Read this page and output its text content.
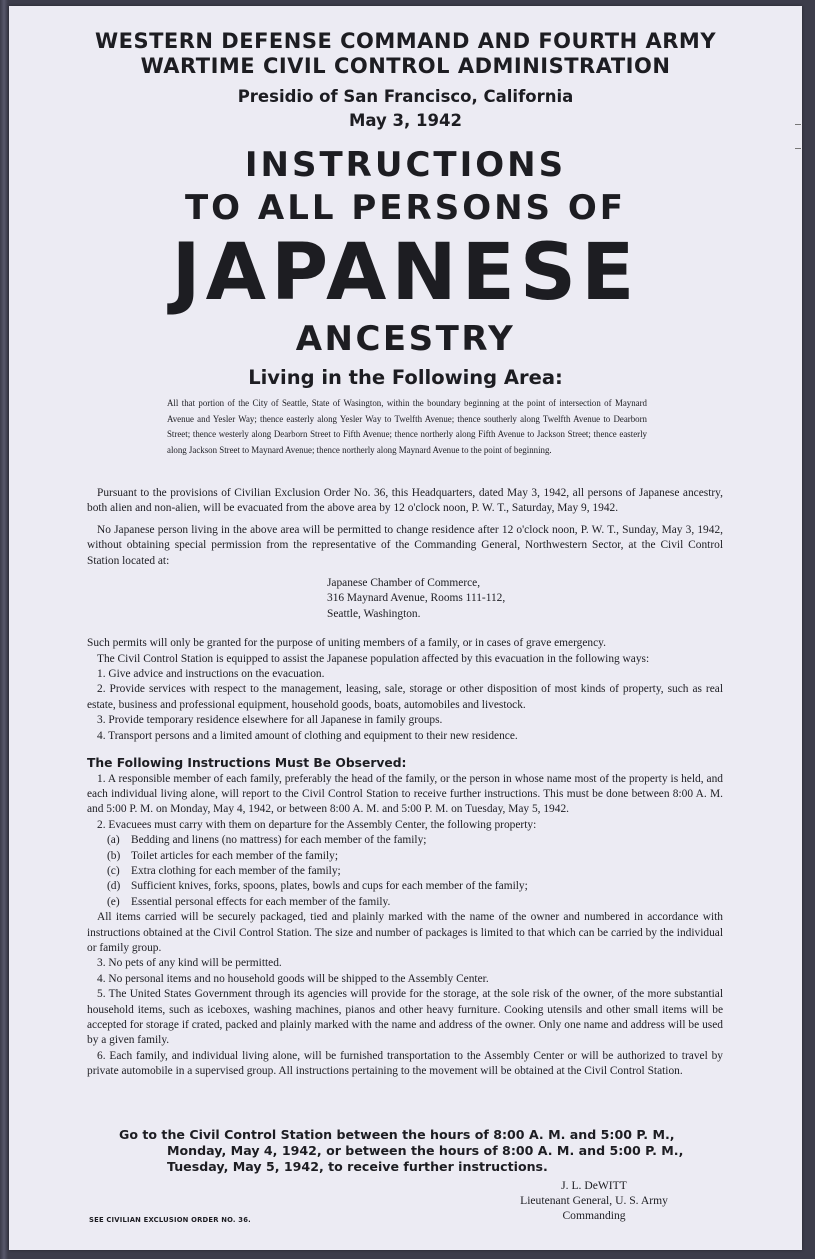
WESTERN DEFENSE COMMAND AND FOURTH ARMY
WARTIME CIVIL CONTROL ADMINISTRATION
Presidio of San Francisco, California
May 3, 1942
INSTRUCTIONS
TO ALL PERSONS OF
JAPANESE
ANCESTRY
Living in the Following Area:
All that portion of the City of Seattle, State of Wasington, within the boundary beginning at the point of intersection of Maynard Avenue and Yesler Way; thence easterly along Yesler Way to Twelfth Avenue; thence southerly along Twelfth Avenue to Dearborn Street; thence westerly along Dearborn Street to Fifth Avenue; thence northerly along Fifth Avenue to Jackson Street; thence easterly along Jackson Street to Maynard Avenue; thence northerly along Maynard Avenue to the point of beginning.

Pursuant to the provisions of Civilian Exclusion Order No. 36, this Headquarters, dated May 3, 1942, all persons of Japanese ancestry, both alien and non-alien, will be evacuated from the above area by 12 o'clock noon, P. W. T., Saturday, May 9, 1942.

No Japanese person living in the above area will be permitted to change residence after 12 o'clock noon, P. W. T., Sunday, May 3, 1942, without obtaining special permission from the representative of the Commanding General, Northwestern Sector, at the Civil Control Station located at:

Japanese Chamber of Commerce,
316 Maynard Avenue, Rooms 111-112,
Seattle, Washington.

Such permits will only be granted for the purpose of uniting members of a family, or in cases of grave emergency.

The Civil Control Station is equipped to assist the Japanese population affected by this evacuation in the following ways:

1. Give advice and instructions on the evacuation.

2. Provide services with respect to the management, leasing, sale, storage or other disposition of most kinds of property, such as real estate, business and professional equipment, household goods, boats, automobiles and livestock.

3. Provide temporary residence elsewhere for all Japanese in family groups.

4. Transport persons and a limited amount of clothing and equipment to their new residence.

The Following Instructions Must Be Observed:

1. A responsible member of each family, preferably the head of the family, or the person in whose name most of the property is held, and each individual living alone, will report to the Civil Control Station to receive further instructions. This must be done between 8:00 A. M. and 5:00 P. M. on Monday, May 4, 1942, or between 8:00 A. M. and 5:00 P. M. on Tuesday, May 5, 1942.

2. Evacuees must carry with them on departure for the Assembly Center, the following property:

(a) Bedding and linens (no mattress) for each member of the family;

(b) Toilet articles for each member of the family;

(c) Extra clothing for each member of the family;

(d) Sufficient knives, forks, spoons, plates, bowls and cups for each member of the family;

(e) Essential personal effects for each member of the family.

All items carried will be securely packaged, tied and plainly marked with the name of the owner and numbered in accordance with instructions obtained at the Civil Control Station. The size and number of packages is limited to that which can be carried by the individual or family group.

3. No pets of any kind will be permitted.

4. No personal items and no household goods will be shipped to the Assembly Center.

5. The United States Government through its agencies will provide for the storage, at the sole risk of the owner, of the more substantial household items, such as iceboxes, washing machines, pianos and other heavy furniture. Cooking utensils and other small items will be accepted for storage if crated, packed and plainly marked with the name and address of the owner. Only one name and address will be used by a given family.

6. Each family, and individual living alone, will be furnished transportation to the Assembly Center or will be authorized to travel by private automobile in a supervised group. All instructions pertaining to the movement will be obtained at the Civil Control Station.

Go to the Civil Control Station between the hours of 8:00 A. M. and 5:00 P. M.,
Monday, May 4, 1942, or between the hours of 8:00 A. M. and 5:00 P. M.,
Tuesday, May 5, 1942, to receive further instructions.
J. L. DeWITT
Lieutenant General, U. S. Army
Commanding
SEE CIVILIAN EXCLUSION ORDER NO. 36.
